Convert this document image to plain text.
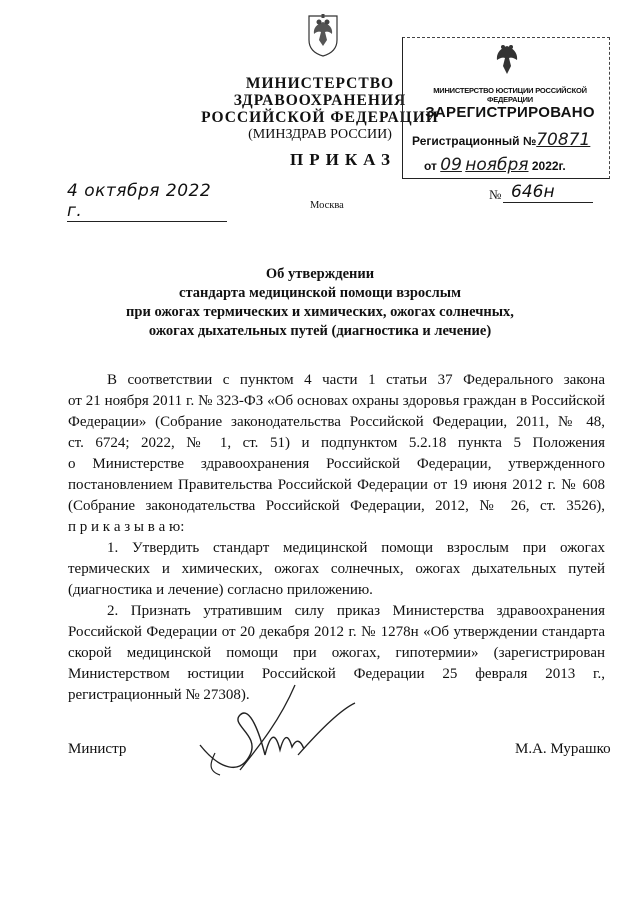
МИНИСТЕРСТВО ЗДРАВООХРАНЕНИЯ
РОССИЙСКОЙ ФЕДЕРАЦИИ
(МИНЗДРАВ РОССИИ)
МИНИСТЕРСТВО ЮСТИЦИИ РОССИЙСКОЙ ФЕДЕРАЦИИ
ЗАРЕГИСТРИРОВАНО
Регистрационный №70871
от 09 ноября 2022г.
ПРИКАЗ
4 октября 2022 г.	Москва
№ 646н
Об утверждении
стандарта медицинской помощи взрослым
при ожогах термических и химических, ожогах солнечных,
ожогах дыхательных путей (диагностика и лечение)
В соответствии с пунктом 4 части 1 статьи 37 Федерального закона
от 21 ноября 2011 г. № 323-ФЗ «Об основах охраны здоровья граждан в Российской
Федерации» (Собрание законодательства Российской Федерации, 2011, № 48,
ст. 6724; 2022, № 1, ст. 51) и подпунктом 5.2.18 пункта 5 Положения
о Министерстве здравоохранения Российской Федерации, утвержденного
постановлением Правительства Российской Федерации от 19 июня 2012 г. № 608
(Собрание законодательства Российской Федерации, 2012, № 26, ст. 3526),
п р и к а з ы в а ю:
1. Утвердить стандарт медицинской помощи взрослым при ожогах
термических и химических, ожогах солнечных, ожогах дыхательных путей
(диагностика и лечение) согласно приложению.
2. Признать утратившим силу приказ Министерства здравоохранения
Российской Федерации от 20 декабря 2012 г. № 1278н «Об утверждении стандарта
скорой медицинской помощи при ожогах, гипотермии» (зарегистрирован
Министерством юстиции Российской Федерации 25 февраля 2013 г.,
регистрационный № 27308).
Министр	М.А. Мурашко
